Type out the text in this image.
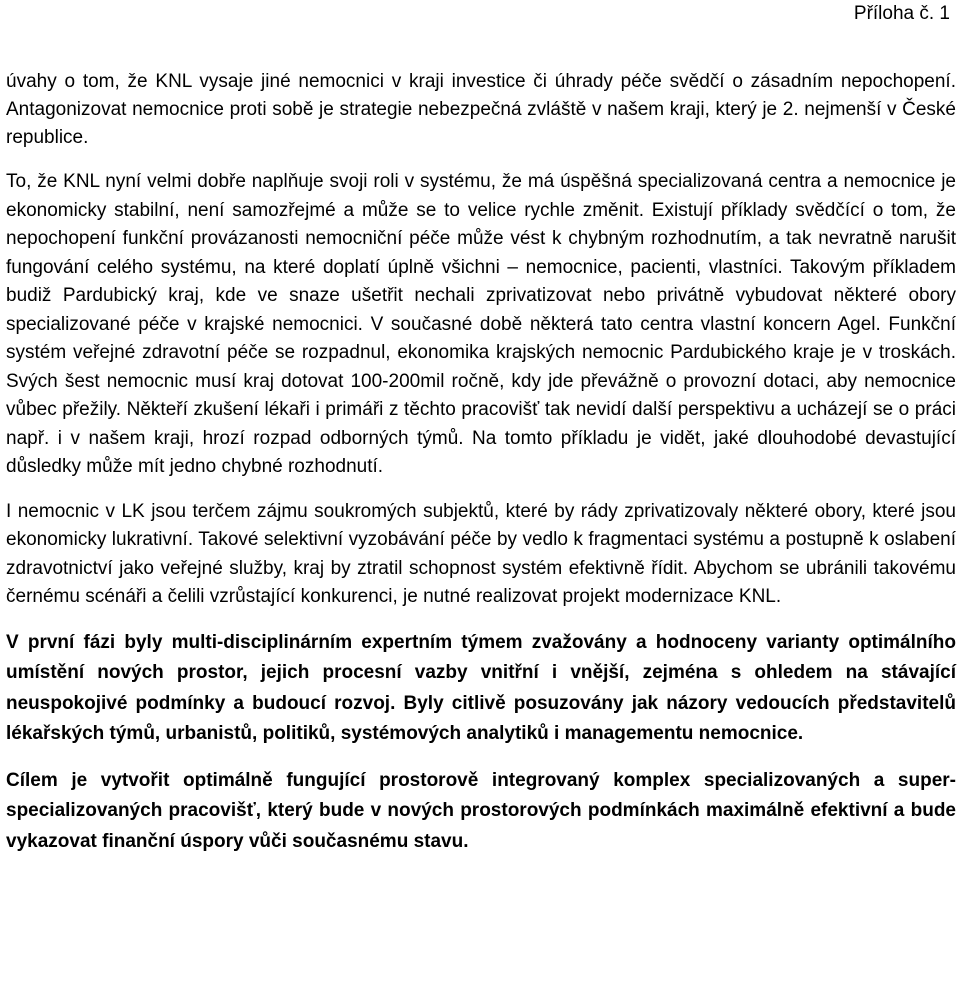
Příloha č. 1

úvahy o tom, že KNL vysaje jiné nemocnici v kraji investice či úhrady péče svědčí o zásadním nepochopení. Antagonizovat nemocnice proti sobě je strategie nebezpečná zvláště v našem kraji, který je 2. nejmenší v České republice.

To, že KNL nyní velmi dobře naplňuje svoji roli v systému, že má úspěšná specializovaná centra a nemocnice je ekonomicky stabilní, není samozřejmé a může se to velice rychle změnit. Existují příklady svědčící o tom, že nepochopení funkční provázanosti nemocniční péče může vést k chybným rozhodnutím, a tak nevratně narušit fungování celého systému, na které doplatí úplně všichni – nemocnice, pacienti, vlastníci. Takovým příkladem budiž Pardubický kraj, kde ve snaze ušetřit nechali zprivatizovat nebo privátně vybudovat některé obory specializované péče v krajské nemocnici. V současné době některá tato centra vlastní koncern Agel. Funkční systém veřejné zdravotní péče se rozpadnul, ekonomika krajských nemocnic Pardubického kraje je v troskách. Svých šest nemocnic musí kraj dotovat 100-200mil ročně, kdy jde převážně o provozní dotaci, aby nemocnice vůbec přežily. Někteří zkušení lékaři i primáři z těchto pracovišť tak nevidí další perspektivu a ucházejí se o práci např. i v našem kraji, hrozí rozpad odborných týmů. Na tomto příkladu je vidět, jaké dlouhodobé devastující důsledky může mít jedno chybné rozhodnutí.

I nemocnic v LK jsou terčem zájmu soukromých subjektů, které by rády zprivatizovaly některé obory, které jsou ekonomicky lukrativní. Takové selektivní vyzobávání péče by vedlo k fragmentaci systému a postupně k oslabení zdravotnictví jako veřejné služby, kraj by ztratil schopnost systém efektivně řídit. Abychom se ubránili takovému černému scénáři a čelili vzrůstající konkurenci, je nutné realizovat projekt modernizace KNL.

V první fázi byly multi-disciplinárním expertním týmem zvažovány a hodnoceny varianty optimálního umístění nových prostor, jejich procesní vazby vnitřní i vnější, zejména s ohledem na stávající neuspokojivé podmínky a budoucí rozvoj. Byly citlivě posuzovány jak názory vedoucích představitelů lékařských týmů, urbanistů, politiků, systémových analytiků i managementu nemocnice.

Cílem je vytvořit optimálně fungující prostorově integrovaný komplex specializovaných a super-specializovaných pracovišť, který bude v nových prostorových podmínkách maximálně efektivní a bude vykazovat finanční úspory vůči současnému stavu.
